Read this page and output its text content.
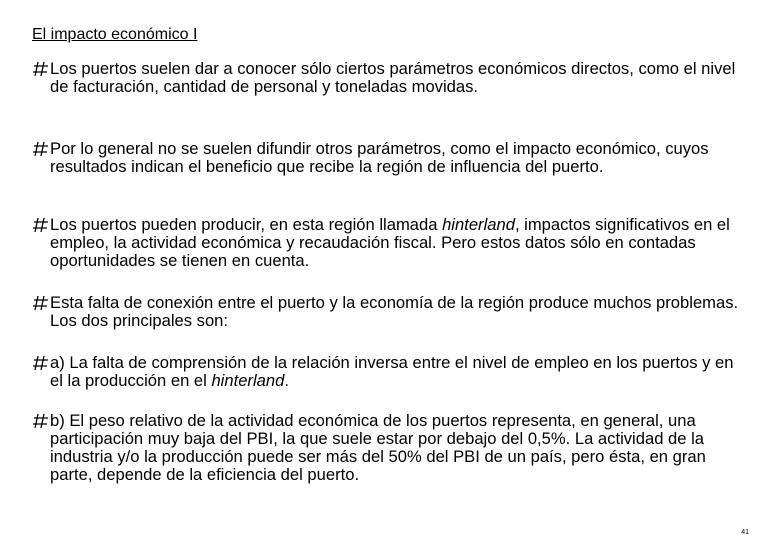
El impacto económico I

Los puertos suelen dar a conocer sólo ciertos parámetros económicos directos, como el nivel de facturación, cantidad de personal y toneladas movidas.

Por lo general no se suelen difundir otros parámetros, como el impacto económico, cuyos resultados indican el beneficio que recibe la región de influencia del puerto.

Los puertos pueden producir, en esta región llamada hinterland, impactos significativos en el empleo, la actividad económica y recaudación fiscal. Pero estos datos sólo en contadas oportunidades se tienen en cuenta.

Esta falta de conexión entre el puerto y la economía de la región produce muchos problemas. Los dos principales son:

a) La falta de comprensión de la relación inversa entre el nivel de empleo en los puertos y en el la producción en el hinterland.

b) El peso relativo de la actividad económica de los puertos representa, en general, una participación muy baja del PBI, la que suele estar por debajo del 0,5%. La actividad de la industria y/o la producción puede ser más del 50% del PBI de un país, pero ésta, en gran parte, depende de la eficiencia del puerto.

41
